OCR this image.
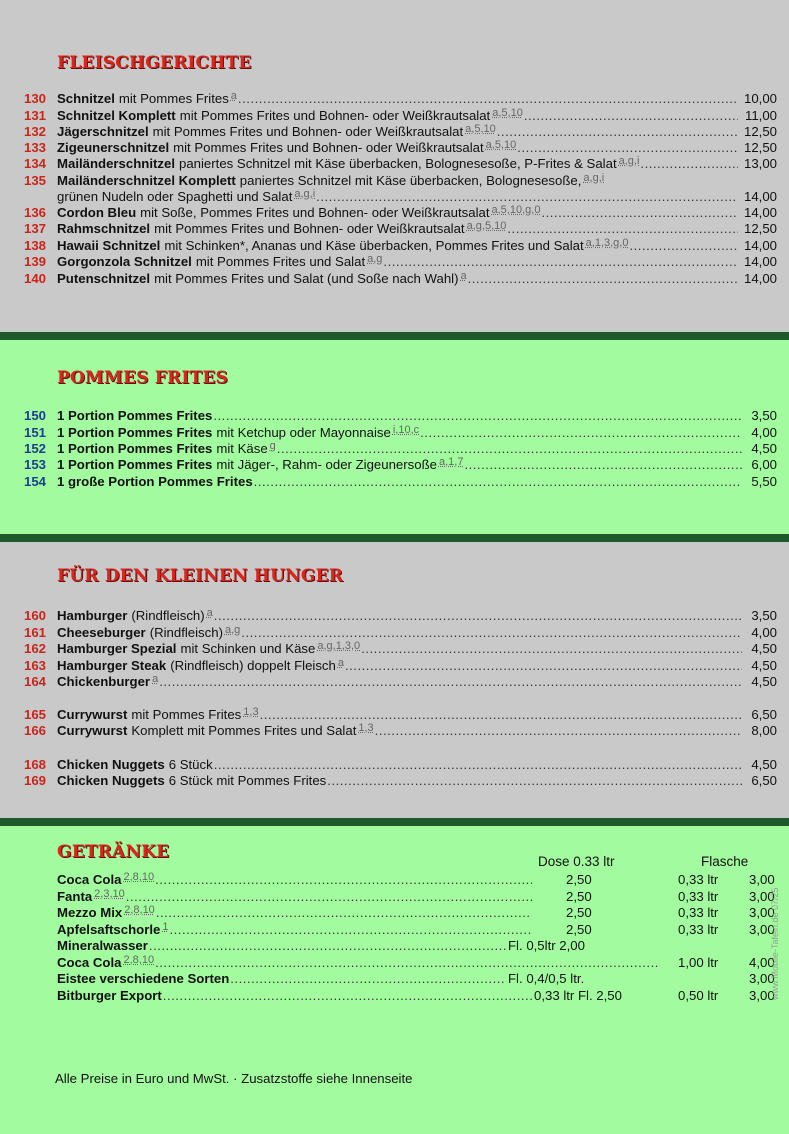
FLEISCHGERICHTE
POMMES FRITES
FÜR DEN KLEINEN HUNGER
GETRÄNKE
130 Schnitzel mit Pommes Frites a .....	10,00
131 Schnitzel Komplett mit Pommes Frites und Bohnen- oder Weißkrautsalat a,5,10 .....	11,00
132 Jägerschnitzel mit Pommes Frites und Bohnen- oder Weißkrautsalat a,5,10 .....	12,50
133 Zigeunerschnitzel mit Pommes Frites und Bohnen- oder Weißkrautsalat a,5,10 .....	12,50
134 Mailänderschnitzel paniertes Schnitzel mit Käse überbacken, Bolognesesoße, P-Frites & Salat a,g,i .....	13,00
135 Mailänderschnitzel Komplett paniertes Schnitzel mit Käse überbacken, Bolognesesoße, a,g,i
grünen Nudeln oder Spaghetti und Salat a,g,i .....	14,00
136 Cordon Bleu mit Soße, Pommes Frites und Bohnen- oder Weißkrautsalat a,5,10,g,0 .....	14,00
137 Rahmschnitzel mit Pommes Frites und Bohnen- oder Weißkrautsalat a,g,5,10 .....	12,50
138 Hawaii Schnitzel mit Schinken*, Ananas und Käse überbacken, Pommes Frites und Salat a,1,3,g,0 .....	14,00
139 Gorgonzola Schnitzel mit Pommes Frites und Salat a,g .....	14,00
140 Putenschnitzel mit Pommes Frites und Salat (und Soße nach Wahl) a .....	14,00
150 1 Portion Pommes Frites .....	3,50
151 1 Portion Pommes Frites mit Ketchup oder Mayonnaise i,10,c .....	4,00
152 1 Portion Pommes Frites mit Käse g .....	4,50
153 1 Portion Pommes Frites mit Jäger-, Rahm- oder Zigeunersoße a,1,7 .....	6,00
154 1 große Portion Pommes Frites .....	5,50
160 Hamburger (Rindfleisch) a .....	3,50
161 Cheeseburger (Rindfleisch) a,g .....	4,00
162 Hamburger Spezial mit Schinken und Käse a,g,1,3,0 .....	4,50
163 Hamburger Steak (Rindfleisch) doppelt Fleisch a .....	4,50
164 Chickenburger a .....	4,50
165 Currywurst mit Pommes Frites 1,3 .....	6,50
166 Currywurst Komplett mit Pommes Frites und Salat 1,3 .....	8,00
168 Chicken Nuggets 6 Stück .....	4,50
169 Chicken Nuggets 6 Stück mit Pommes Frites .....	6,50
Coca Cola 2,8,10 .....	2,50	0,33 ltr 3,00
Fanta 2,3,10 .....	2,50	0,33 ltr 3,00
Mezzo Mix 2,8,10 .....	2,50	0,33 ltr 3,00
Apfelsaftschorle 1 .....	2,50	0,33 ltr 3,00
Mineralwasser .....	Fl. 0,5ltr 2,00
Coca Cola 2,8,10 .....	1,00 ltr 4,00
Eistee verschiedene Sorten .....	Fl. 0,4/0,5 ltr.	3,00
Bitburger Export .....	0,33 ltr Fl. 2,50	0,50 ltr 3,00
Dose 0.33 ltr	Flasche
Alle Preise in Euro und MwSt. · Zusatzstoffe siehe Innenseite
www.Mobile-Tafeln.de 07/25
